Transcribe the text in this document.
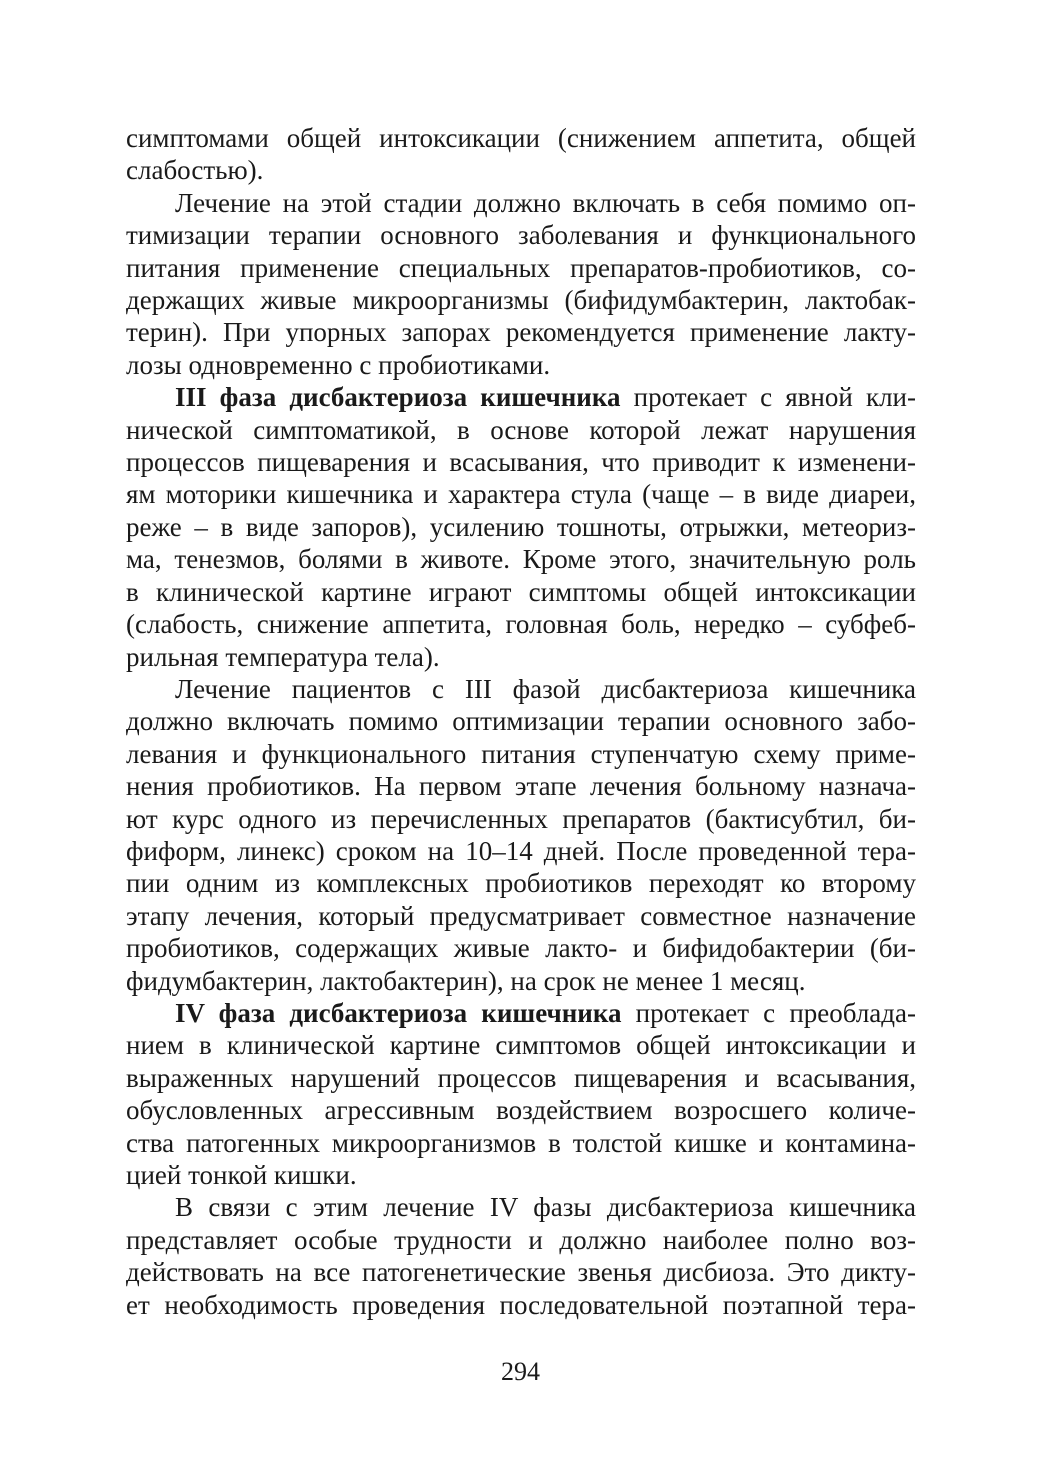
симптомами общей интоксикации (снижением аппетита, общей
слабостью).
Лечение на этой стадии должно включать в себя помимо оп-
тимизации терапии основного заболевания и функционального
питания применение специальных препаратов-пробиотиков, со-
держащих живые микроорганизмы (бифидумбактерин, лактобак-
терин). При упорных запорах рекомендуется применение лакту-
лозы одновременно с пробиотиками.
III фаза дисбактериоза кишечника протекает с явной кли-
нической симптоматикой, в основе которой лежат нарушения
процессов пищеварения и всасывания, что приводит к изменени-
ям моторики кишечника и характера стула (чаще – в виде диареи,
реже – в виде запоров), усилению тошноты, отрыжки, метеориз-
ма, тенезмов, болями в животе. Кроме этого, значительную роль
в клинической картине играют симптомы общей интоксикации
(слабость, снижение аппетита, головная боль, нередко – субфеб-
рильная температура тела).
Лечение пациентов с III фазой дисбактериоза кишечника
должно включать помимо оптимизации терапии основного забо-
левания и функционального питания ступенчатую схему приме-
нения пробиотиков. На первом этапе лечения больному назнача-
ют курс одного из перечисленных препаратов (бактисубтил, би-
фиформ, линекс) сроком на 10–14 дней. После проведенной тера-
пии одним из комплексных пробиотиков переходят ко второму
этапу лечения, который предусматривает совместное назначение
пробиотиков, содержащих живые лакто- и бифидобактерии (би-
фидумбактерин, лактобактерин), на срок не менее 1 месяц.
IV фаза дисбактериоза кишечника протекает с преоблада-
нием в клинической картине симптомов общей интоксикации и
выраженных нарушений процессов пищеварения и всасывания,
обусловленных агрессивным воздействием возросшего количе-
ства патогенных микроорганизмов в толстой кишке и контамина-
цией тонкой кишки.
В связи с этим лечение IV фазы дисбактериоза кишечника
представляет особые трудности и должно наиболее полно воз-
действовать на все патогенетические звенья дисбиоза. Это дикту-
ет необходимость проведения последовательной поэтапной тера-
294
